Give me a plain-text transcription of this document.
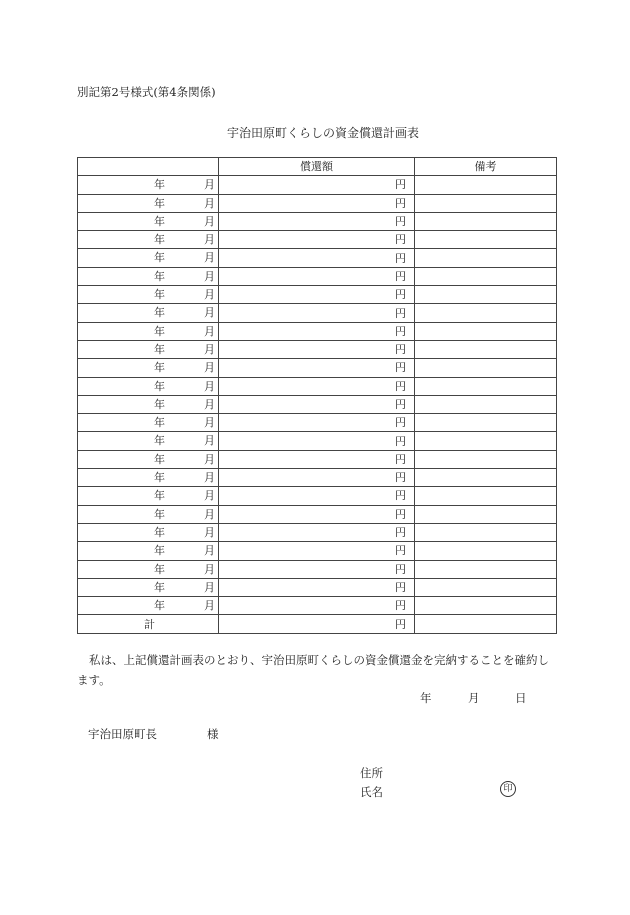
別記第2号様式(第4条関係)
宇治田原町くらしの資金償還計画表
	償還額	備考

年 月	円	

年 月	円	

年 月	円	

年 月	円	

年 月	円	

年 月	円	

年 月	円	

年 月	円	

年 月	円	

年 月	円	

年 月	円	

年 月	円	

年 月	円	

年 月	円	

年 月	円	

年 月	円	

年 月	円	

年 月	円	

年 月	円	

年 月	円	

年 月	円	

年 月	円	

年 月	円	

年 月	円	
計	円	
私は、上記償還計画表のとおり、宇治田原町くらしの資金償還金を完納することを確約します。
年	月	日
宇治田原町長	様
住所
氏名	印
